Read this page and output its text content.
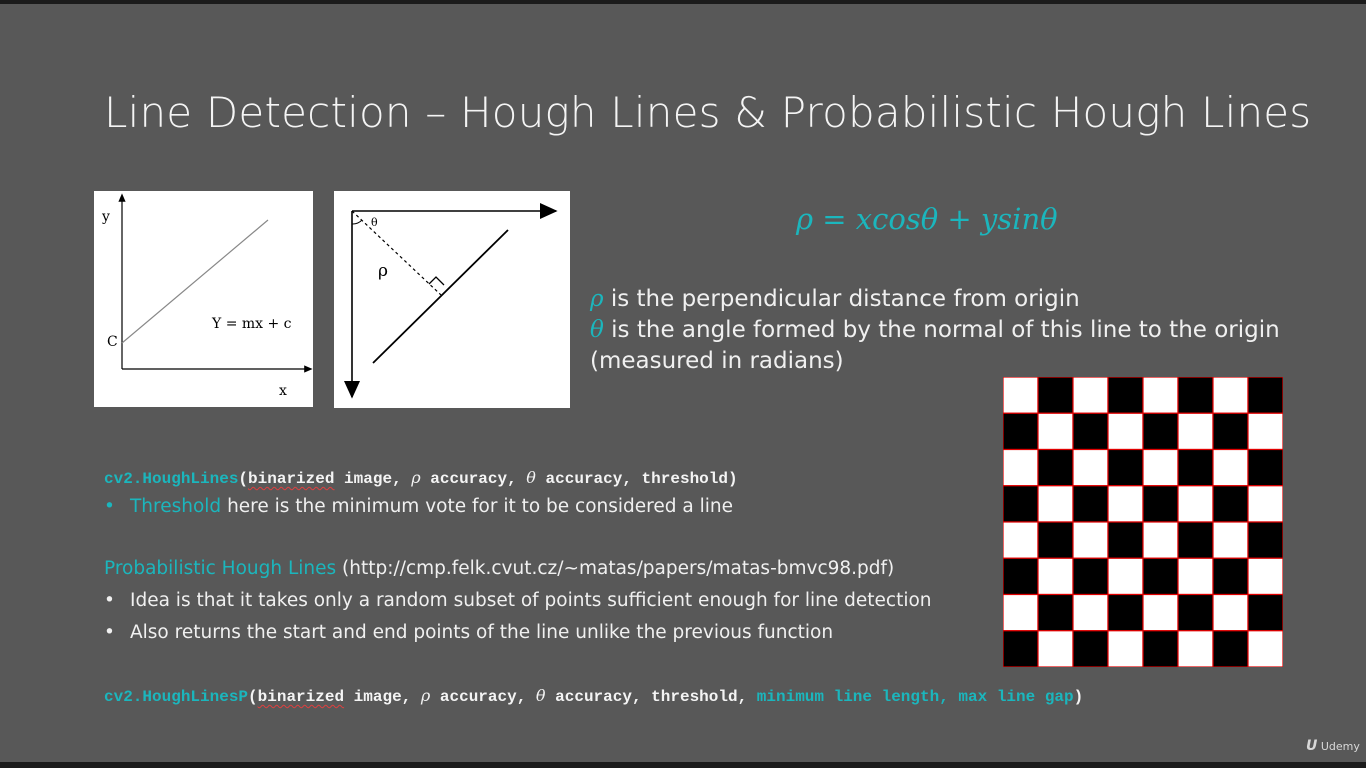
Line Detection – Hough Lines & Probabilistic Hough Lines
y
x
C
Y = mx + c
θ
ρ
ρ = xcosθ + ysinθ
ρ is the perpendicular distance from origin
θ is the angle formed by the normal of this line to the origin
(measured in radians)
cv2.HoughLines(binarized image, ρ accuracy, θ accuracy, threshold)
• Threshold here is the minimum vote for it to be considered a line
Probabilistic Hough Lines (http://cmp.felk.cvut.cz/~matas/papers/matas-bmvc98.pdf)
• Idea is that it takes only a random subset of points sufficient enough for line detection
• Also returns the start and end points of the line unlike the previous function
cv2.HoughLinesP(binarized image, ρ accuracy, θ accuracy, threshold, minimum line length, max line gap)
U Udemy
